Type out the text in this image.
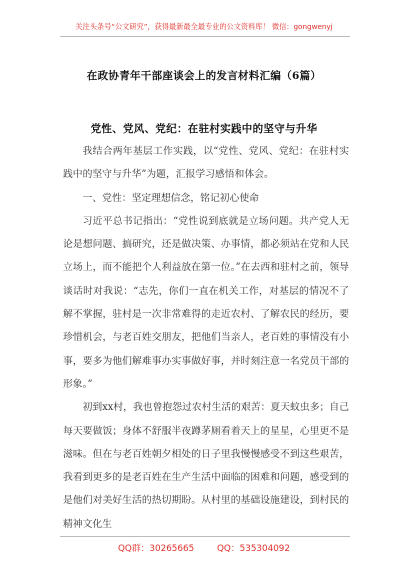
关注头条号“公文研究”，获得最新最全最专业的公文资料库！ 微信：gongwenyj
在政协青年干部座谈会上的发言材料汇编（6篇）
党性、党风、党纪：在驻村实践中的坚守与升华

我结合两年基层工作实践，以“党性、党风、党纪：在驻村实践中的坚守与升华”为题，汇报学习感悟和体会。

一、党性：坚定理想信念，铭记初心使命

习近平总书记指出：“党性说到底就是立场问题。共产党人无论是想问题、搞研究，还是做决策、办事情，都必须站在党和人民立场上，而不能把个人利益放在第一位。”在去西和驻村之前，领导谈话时对我说：“志先，你们一直在机关工作，对基层的情况不了解不掌握，驻村是一次非常难得的走近农村、了解农民的经历，要珍惜机会，与老百姓交朋友，把他们当亲人，老百姓的事情没有小事，要多为他们解难事办实事做好事，并时刻注意一名党员干部的形象。”

初到xx村，我也曾抱怨过农村生活的艰苦：夏天蚊虫多；自己每天要做饭；身体不舒服半夜蹲茅厕看着天上的星星，心里更不是滋味。但在与老百姓朝夕相处的日子里我慢慢感受不到这些艰苦，我看到更多的是老百姓在生产生活中面临的困难和问题，感受到的是他们对美好生活的热切期盼。从村里的基础设施建设，到村民的精神文化生

QQ群：30265665	QQ：535304092
